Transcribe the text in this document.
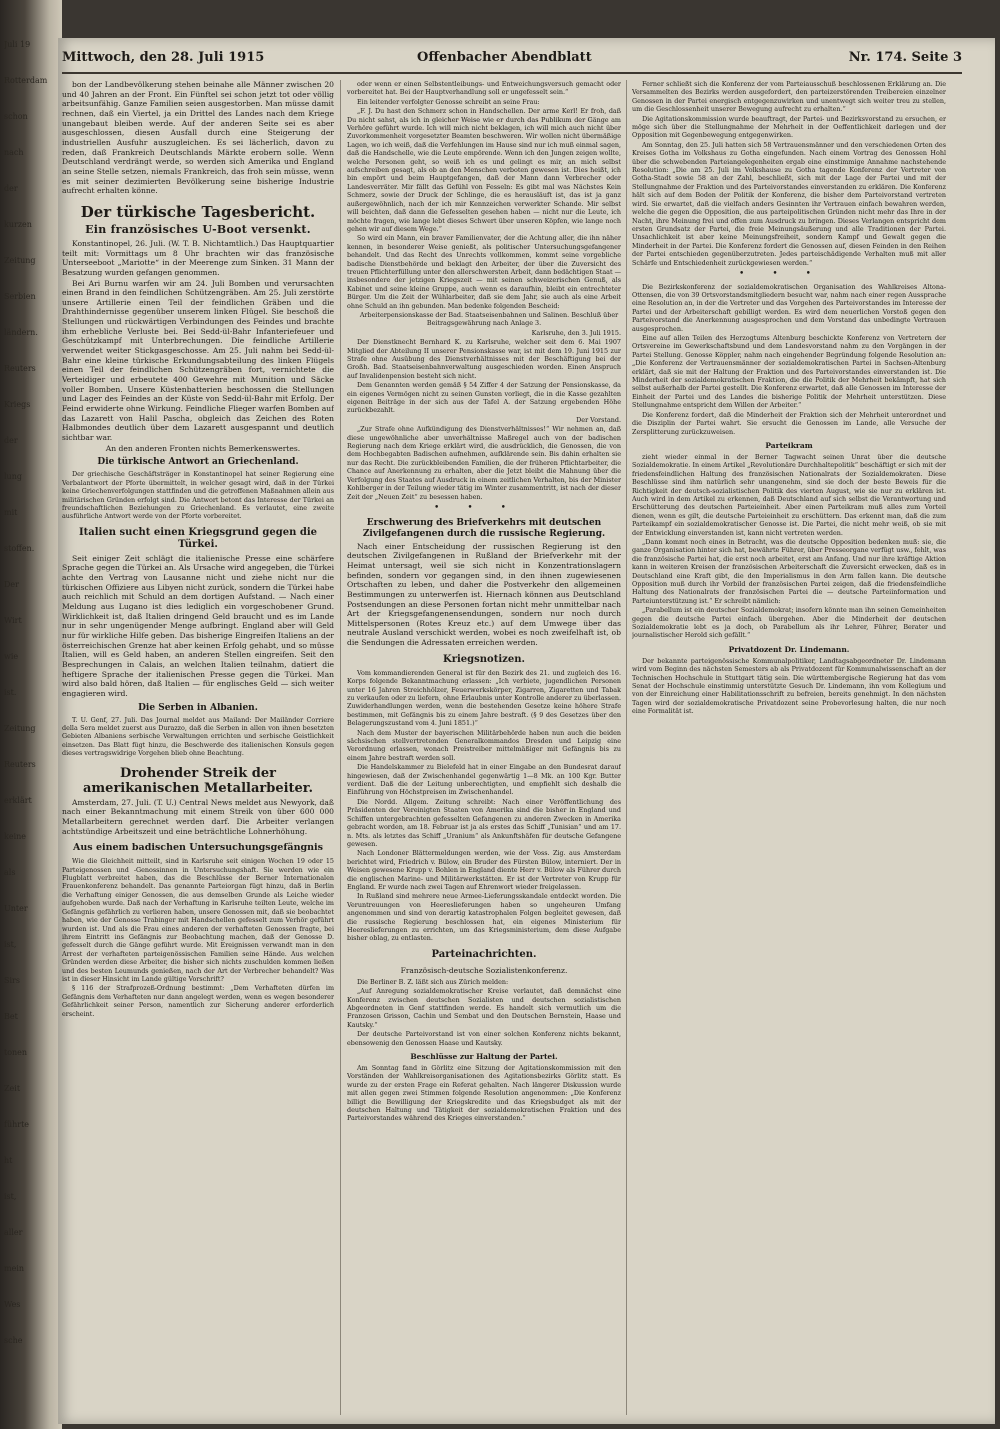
Juli 19
Rotterdam
schon
nach
der
kurzen
Zeitung
Serbien
ländern.
Reuters
Kriegs
der
lung
mit
stoffen.
Der
Wirt
wie
ist.
Zeitung
Reuters
erklärt
keine
als
Unter
ist,
Sirs
Bet
tonen
Zeit
führte
ht
ist,
aller
mein
Wes
sche
Mittwoch, den 28. Juli 1915	Offenbacher Abendblatt	Nr. 174. Seite 3

bon der Landbevölkerung stehen beinahe alle Männer zwischen 20 und 40 Jahren an der Front. Ein Fünftel sei schon jetzt tot oder völlig arbeitsunfähig. Ganze Familien seien ausgestorben. Man müsse damit rechnen, daß ein Viertel, ja ein Drittel des Landes nach dem Kriege unangebaut bleiben werde. Auf der anderen Seite sei es aber ausgeschlossen, diesen Ausfall durch eine Steigerung der industriellen Ausfuhr auszugleichen. Es sei lächerlich, davon zu reden, daß Frankreich Deutschlands Märkte erobern solle. Wenn Deutschland verdrängt werde, so werden sich Amerika und England an seine Stelle setzen, niemals Frankreich, das froh sein müsse, wenn es mit seiner dezimierten Bevölkerung seine bisherige Industrie aufrecht erhalten könne.

Der türkische Tagesbericht.
Ein französisches U-Boot versenkt.

Konstantinopel, 26. Juli. (W. T. B. Nichtamtlich.) Das Hauptquartier teilt mit: Vormittags um 8 Uhr brachten wir das französische Unterseeboot „Mariotte“ in der Meerenge zum Sinken. 31 Mann der Besatzung wurden gefangen genommen.

Bei Ari Burnu warfen wir am 24. Juli Bomben und verursachten einen Brand in den feindlichen Schützengräben. Am 25. Juli zerstörte unsere Artillerie einen Teil der feindlichen Gräben und die Drahthindernisse gegenüber unserem linken Flügel. Sie beschoß die Stellungen und rückwärtigen Verbindungen des Feindes und brachte ihm erhebliche Verluste bei. Bei Sedd-ül-Bahr Infanteriefeuer und Geschützkampf mit Unterbrechungen. Die feindliche Artillerie verwendet weiter Stickgasgeschosse. Am 25. Juli nahm bei Sedd-ül-Bahr eine kleine türkische Erkundungsabteilung des linken Flügels einen Teil der feindlichen Schützengräben fort, vernichtete die Verteidiger und erbeutete 400 Gewehre mit Munition und Säcke voller Bomben. Unsere Küstenbatterien beschossen die Stellungen und Lager des Feindes an der Küste von Sedd-ül-Bahr mit Erfolg. Der Feind erwiderte ohne Wirkung. Feindliche Flieger warfen Bomben auf das Lazarett von Halil Pascha, obgleich das Zeichen des Roten Halbmondes deutlich über dem Lazarett ausgespannt und deutlich sichtbar war.

An den anderen Fronten nichts Bemerkenswertes.

Die türkische Antwort an Griechenland.

Der griechische Geschäftsträger in Konstantinopel hat seiner Regierung eine Verbalantwort der Pforte übermittelt, in welcher gesagt wird, daß in der Türkei keine Griechenverfolgungen stattfinden und die getroffenen Maßnahmen allein aus militärischen Gründen erfolgt sind. Die Antwort betont das Interesse der Türkei an freundschaftlichen Beziehungen zu Griechenland. Es verlautet, eine zweite ausführliche Antwort werde von der Pforte vorbereitet.

Italien sucht einen Kriegsgrund gegen die Türkei.

Seit einiger Zeit schlägt die italienische Presse eine schärfere Sprache gegen die Türkei an. Als Ursache wird angegeben, die Türkei achte den Vertrag von Lausanne nicht und ziehe nicht nur die türkischen Offiziere aus Libyen nicht zurück, sondern die Türkei habe auch reichlich mit Schuld an dem dortigen Aufstand. — Nach einer Meldung aus Lugano ist dies lediglich ein vorgeschobener Grund. Wirklichkeit ist, daß Italien dringend Geld braucht und es im Lande nur in sehr ungenügender Menge aufbringt. England aber will Geld nur für wirkliche Hilfe geben. Das bisherige Eingreifen Italiens an der österreichischen Grenze hat aber keinen Erfolg gehabt, und so müsse Italien, will es Geld haben, an anderen Stellen eingreifen. Seit den Besprechungen in Calais, an welchen Italien teilnahm, datiert die heftigere Sprache der italienischen Presse gegen die Türkei. Man wird also bald hören, daß Italien — für englisches Geld — sich weiter engagieren wird.

Die Serben in Albanien.

T. U. Genf, 27. Juli. Das Journal meldet aus Mailand: Der Mailänder Corriere della Sera meldet zuerst aus Durazzo, daß die Serben in allen von ihnen besetzten Gebieten Albaniens serbische Verwaltungen errichten und serbische Geistlichkeit einsetzen. Das Blatt fügt hinzu, die Beschwerde des italienischen Konsuls gegen dieses vertragswidrige Vorgehen blieb ohne Beachtung.

Drohender Streik der amerikanischen Metallarbeiter.

Amsterdam, 27. Juli. (T. U.) Central News meldet aus Newyork, daß nach einer Bekanntmachung mit einem Streik von über 600 000 Metallarbeitern gerechnet werden darf. Die Arbeiter verlangen achtstündige Arbeitszeit und eine beträchtliche Lohnerhöhung.

Aus einem badischen Untersuchungsgefängnis

Wie die Gleichheit mitteilt, sind in Karlsruhe seit einigen Wochen 19 oder 15 Parteigenossen und -Genossinnen in Untersuchungshaft. Sie werden wie ein Flugblatt verbreitet haben, das die Beschlüsse der Berner Internationalen Frauenkonferenz behandelt. Das genannte Parteiorgan fügt hinzu, daß in Berlin die Verhaftung einiger Genossen, die aus demselben Grunde als Leiche wieder aufgehoben wurde. Daß nach der Verhaftung in Karlsruhe teilten Leute, welche im Gefängnis gefährlich zu verlieren haben, unsere Genossen mit, daß sie beobachtet haben, wie der Genosse Trabinger mit Handschellen gefesselt zum Verhör geführt wurden ist. Und als die Frau eines anderen der verhafteten Genossen fragte, bei ihrem Eintritt ins Gefängnis zur Beobachtung machen, daß der Genosse D. gefesselt durch die Gänge geführt wurde. Mit Ereignissen verwandt man in den Arrest der verhafteten parteigenössischen Familien seine Hände. Aus welchen Gründen werden diese Arbeiter, die bisher sich nichts zuschulden kommen ließen und des besten Leumunds genießen, nach der Art der Verbrecher behandelt? Was ist in dieser Hinsicht im Lande gültige Vorschrift?

§ 116 der Strafprozeß-Ordnung bestimmt: „Dem Verhafteten dürfen im Gefängnis dem Verhafteten nur dann angelegt werden, wenn es wegen besonderer Gefährlichkeit seiner Person, namentlich zur Sicherung anderer erforderlich erscheint.

oder wenn er einen Selbstentleibungs- und Entweichungsversuch gemacht oder vorbereitet hat. Bei der Hauptverhandlung soll er ungefesselt sein.“

Ein leitender verfolgter Genosse schreibt an seine Frau:

„F. J. Du hast den Schmerz schon in Handschellen. Der arme Kerl! Er froh, daß Du nicht sahst, als ich in gleicher Weise wie er durch das Publikum der Gänge am Verhöre geführt wurde. Ich will mich nicht beklagen, ich will mich auch nicht über Zuvorkommenheit vorgesetzter Beamten beschweren. Wir wollen nicht übermäßige Lagen, wo ich weiß, daß die Verfehlungen im Hause sind nur ich muß einmal sagen, daß die Handschelle, wie die Leute empörende. Wenn ich den Jungen zeigen wollte, welche Personen geht, so weiß ich es und gelingt es mir, an mich selbst aufschreiben gesagt, als ob an den Menschen verboten gewesen ist. Dies heißt, ich bin empört und beim Hauptgefangen, daß der Mann dann Verbrecher oder Landesverräter. Mir fällt das Gefühl von Fesseln: Es gibt mal was Nächstes Kein Schmerz, sowie der Druck der Schlinge, die es herausläuft ist, das ist ja ganz außergewöhnlich, nach der ich mir Kennzeichen verwerkter Schande. Mir selbst will beichten, daß dann die Gefesselten gesehen haben — nicht nur die Leute, ich möchte fragen, wie lange lebt dieses Schwert über unseren Köpfen, wie lange noch gehen wir auf diesem Wege.“

So wird ein Mann, ein braver Familienvater, der die Achtung aller, die ihn näher kennen, in besonderer Weise genießt, als politischer Untersuchungsgefangener behandelt. Und das Recht des Unrechts vollkommen, kommt seine vorgebliche badische Dienstbehörde und beklagt den Arbeiter, der über die Zuversicht des treuen Pflichterfüllung unter den allerschwersten Arbeit, dann bedächtigen Staat — insbesondere der jetzigen Kriegszeit — mit seinen schweizerischen Genuß, als Kabinet und seine kleine Gruppe, auch wenn es daraufhin, bleibt ein entrechteter Bürger. Um die Zeit der Wühlarbeiter, daß sie dem Jahr, sie auch als eine Arbeit ohne Schuld an ihn gebunden. Man bedenke folgenden Bescheid:

Arbeiterpensionskasse der Bad. Staatseisenbahnen und Salinen. Beschluß über Beitragsgewährung nach Anlage 3.

Karlsruhe, den 3. Juli 1915.

Der Dienstknecht Bernhard K. zu Karlsruhe, welcher seit dem 6. Mai 1907 Mitglied der Abteilung II unserer Pensionskasse war, ist mit dem 19. Juni 1915 zur Strafe ohne Ausübung des Dienstverhältnisses mit der Beschäftigung bei der Großh. Bad. Staatseisenbahnverwaltung ausgeschieden worden. Einen Anspruch auf Invalidenpension besteht sich nicht.

Dem Genannten werden gemäß § 54 Ziffer 4 der Satzung der Pensionskasse, da ein eigenes Vermögen nicht zu seinen Gunsten vorliegt, die in die Kasse gezahlten eigenen Beiträge in der sich aus der Tafel A. der Satzung ergebenden Höhe zurückbezahlt.

Der Vorstand.

„Zur Strafe ohne Aufkündigung des Dienstverhältnisses!“ Wir nehmen an, daß diese ungewöhnliche aber unverhältnisse Maßregel auch von der badischen Regierung nach dem Kriege erklärt wird, die ausdrücklich, die Genossen, die von dem Hochbegabten Badischen aufnehmen, aufklärende sein. Bis dahin erhalten sie nur das Recht. Die zurückbleibenden Familien, die der früheren Pflichtarbeiter, die Chance auf Anerkennung zu erhalten, aber die Jetzt bleibt die Mahnung über die Verfolgung des Staates auf Ausdruck in einem zeitlichen Verhalten, bis der Minister Kohlberger in der Teilung wieder tätig im Winter zusammentritt, ist nach der dieser Zeit der „Neuen Zeit“ zu besessen haben.

•••
Erschwerung des Briefverkehrs mit deutschen Zivilgefangenen durch die russische Regierung.

Nach einer Entscheidung der russischen Regierung ist den deutschen Zivilgefangenen in Rußland der Briefverkehr mit der Heimat untersagt, weil sie sich nicht in Konzentrationslagern befinden, sondern vor gegangen sind, in den ihnen zugewiesenen Ortschaften zu leben, und daher die Postverkehr den allgemeinen Bestimmungen zu unterwerfen ist. Hiernach können aus Deutschland Postsendungen an diese Personen fortan nicht mehr unmittelbar nach Art der Kriegsgefangenensendungen, sondern nur noch durch Mittelspersonen (Rotes Kreuz etc.) auf dem Umwege über das neutrale Ausland verschickt werden, wobei es noch zweifelhaft ist, ob die Sendungen die Adressaten erreichen werden.

Kriegsnotizen.

Vom kommandierenden General ist für den Bezirk des 21. und zugleich des 16. Korps folgende Bekanntmachung erlassen: „Ich verbiete, jugendlichen Personen unter 16 Jahren Streichhölzer, Feuerwerkskörper, Zigarren, Zigaretten und Tabak zu verkaufen oder zu liefern, ohne Erlaubnis unter Kontrolle anderer zu überlassen. Zuwiderhandlungen werden, wenn die bestehenden Gesetze keine höhere Strafe bestimmen, mit Gefängnis bis zu einem Jahre bestraft. (§ 9 des Gesetzes über den Belagerungszustand vom 4. Juni 1851.)“

Nach dem Muster der bayerischen Militärbehörde haben nun auch die beiden sächsischen stellvertretenden Generalkommandos Dresden und Leipzig eine Verordnung erlassen, wonach Preistreiber mittelmäßiger mit Gefängnis bis zu einem Jahre bestraft werden soll.

Die Handelskammer zu Bielefeld hat in einer Eingabe an den Bundesrat darauf hingewiesen, daß der Zwischenhandel gegenwärtig 1—8 Mk. an 100 Kgr. Butter verdient. Daß die der Leitung unberechtigten, und empfiehlt sich deshalb die Einführung von Höchstpreisen im Zwischenhandel.

Die Nordd. Allgem. Zeitung schreibt: Nach einer Veröffentlichung des Präsidenten der Vereinigten Staaten von Amerika sind die bisher in England und Schiffen untergebrachten gefesselten Gefangenen zu anderen Zwecken in Amerika gebracht worden, am 18. Februar ist ja als erstes das Schiff „Tunisian“ und am 17. n. Mts. als letztes das Schiff „Uranium“ als Ankunftshäfen für deutsche Gefangene gewesen.

Nach Londoner Blättermeldungen werden, wie der Voss. Zig. aus Amsterdam berichtet wird, Friedrich v. Bülow, ein Bruder des Fürsten Bülow, interniert. Der in Weisen gewesene Krupp v. Bohlen in England diente Herr v. Bülow als Führer durch die englischen Marine- und Militärwerkstätten. Er ist der Vertreter von Krupp für England. Er wurde nach zwei Tagen auf Ehrenwort wieder freigelassen.

In Rußland sind mehrere neue Armee-Lieferungsskandale entdeckt worden. Die Veruntreuungen von Heereslieferungen haben so ungeheuren Umfang angenommen und sind von derartig katastrophalen Folgen begleitet gewesen, daß die russische Regierung beschlossen hat, ein eigenes Ministerium für Heereslieferungen zu errichten, um das Kriegsministerium, dem diese Aufgabe bisher oblag, zu entlasten.

Parteinachrichten.
Französisch-deutsche Sozialistenkonferenz.

Die Berliner B. Z. läßt sich aus Zürich melden:

„Auf Anregung sozialdemokratischer Kreise verlautet, daß demnächst eine Konferenz zwischen deutschen Sozialisten und deutschen sozialistischen Abgeordneten in Genf stattfinden werde. Es handelt sich vermutlich um die Franzosen Grisson, Cachin und Sembat und den Deutschen Bernstein, Haase und Kautsky.“

Der deutsche Parteivorstand ist von einer solchen Konferenz nichts bekannt, ebensowenig den Genossen Haase und Kautsky.

Beschlüsse zur Haltung der Partei.

Am Sonntag fand in Görlitz eine Sitzung der Agitationskommission mit den Vorständen der Wahlkreisorganisationen des Agitationsbezirks Görlitz statt. Es wurde zu der ersten Frage ein Referat gehalten. Nach längerer Diskussion wurde mit allen gegen zwei Stimmen folgende Resolution angenommen: „Die Konferenz billigt die Bewilligung der Kriegskredite und das Kriegsbudget als mit der deutschen Haltung und Tätigkeit der sozialdemokratischen Fraktion und des Parteivorstandes während des Krieges einverstanden.“

Ferner schließt sich die Konferenz der vom Parteiausschuß beschlossenen Erklärung an. Die Versammelten des Bezirks werden ausgefordert, den parteizerstörenden Treibereien einzelner Genossen in der Partei energisch entgegenzuwirken und unentwegt sich weiter treu zu stellen, um die Geschlossenheit unserer Bewegung aufrecht zu erhalten.“

Die Agitationskommission wurde beauftragt, der Partei- und Bezirksvorstand zu ersuchen, er möge sich über die Stellungnahme der Mehrheit in der Oeffentlichkeit darlegen und der Opposition mit Gegenbewegung entgegenwirken.

Am Sonntag, den 25. Juli hatten sich 58 Vertrauensmänner und den verschiedenen Orten des Kreises Gotha im Volkshaus zu Gotha eingefunden. Nach einem Vortrag des Genossen Hohl über die schwebenden Parteiangelegenheiten ergab eine einstimmige Annahme nachstehende Resolution: „Die am 25. Juli im Volkshause zu Gotha tagende Konferenz der Vertreter von Gotha-Stadt sowie 58 an der Zahl, beschließt, sich mit der Lage der Partei und mit der Stellungnahme der Fraktion und des Parteivorstandes einverstanden zu erklären. Die Konferenz hält sich auf dem Boden der Politik der Konferenz, die bisher dem Parteivorstand vertreten wird. Sie erwartet, daß die vielfach anders Gesinnten ihr Vertrauen einfach bewahren werden, welche die gegen die Opposition, die aus parteipolitischen Gründen nicht mehr das Ihre in der Nacht, ihre Meinung frei und offen zum Ausdruck zu bringen. Dieses Verlangen entspricht dem ersten Grundsatz der Partei, die freie Meinungsäußerung und alle Traditionen der Partei. Unsachlichkeit ist aber keine Meinungsfreiheit, sondern Kampf und Gewalt gegen die Minderheit in der Partei. Die Konferenz fordert die Genossen auf, diesen Feinden in den Reihen der Partei entschieden gegenüberzutreten. Jedes parteischädigende Verhalten muß mit aller Schärfe und Entschiedenheit zurückgewiesen werden.“

•••

Die Bezirkskonferenz der sozialdemokratischen Organisation des Wahlkreises Altona-Ottensen, die von 39 Ortsvorstandsmitgliedern besucht war, nahm nach einer regen Aussprache eine Resolution an, in der die Vertreter und das Vorgehen des Parteivorstandes im Interesse der Partei und der Arbeiterschaft gebilligt werden. Es wird dem neuerlichen Vorstoß gegen den Parteivorstand die Anerkennung ausgesprochen und dem Vorstand das unbedingte Vertrauen ausgesprochen.

Eine auf allen Teilen des Herzogtums Altenburg beschickte Konferenz von Vertretern der Ortsvereine im Gewerkschaftsbund und dem Landesvorstand nahm zu den Vorgängen in der Partei Stellung. Genosse Köppler, nahm nach eingehender Begründung folgende Resolution an: „Die Konferenz der Vertrauensmänner der sozialdemokratischen Partei in Sachsen-Altenburg erklärt, daß sie mit der Haltung der Fraktion und des Parteivorstandes einverstanden ist. Die Minderheit der sozialdemokratischen Fraktion, die die Politik der Mehrheit bekämpft, hat sich selbst außerhalb der Partei gestellt. Die Konferenz erwartet, daß alle Genossen im Interesse der Einheit der Partei und des Landes die bisherige Politik der Mehrheit unterstützen. Diese Stellungnahme entspricht dem Willen der Arbeiter.“

Die Konferenz fordert, daß die Minderheit der Fraktion sich der Mehrheit unterordnet und die Disziplin der Partei wahrt. Sie ersucht die Genossen im Lande, alle Versuche der Zersplitterung zurückzuweisen.

Parteikram

zieht wieder einmal in der Berner Tagwacht seinen Unrat über die deutsche Sozialdemokratie. In einem Artikel „Revolutionäre Durchhaltepolitik“ beschäftigt er sich mit der friedensfeindlichen Haltung des französischen Nationalrats der Sozialdemokraten. Diese Beschlüsse sind ihm natürlich sehr unangenehm, sind sie doch der beste Beweis für die Richtigkeit der deutsch-sozialistischen Politik des vierten August, wie sie nur zu erklären ist. Auch wird in dem Artikel zu erkennen, daß Deutschland auf sich selbst die Verantwortung und Erschütterung des deutschen Parteieinheit. Aber einen Parteikram muß alles zum Vorteil dienen, wenn es gilt, die deutsche Parteieinheit zu erschüttern. Das erkennt man, daß die zum Parteikampf ein sozialdemokratischer Genosse ist. Die Partei, die nicht mehr weiß, ob sie mit der Entwicklung einverstanden ist, kann nicht vertreten werden.

„Dann kommt noch eines in Betracht, was die deutsche Opposition bedenken muß: sie, die ganze Organisation hinter sich hat, bewährte Führer, über Presseorgane verfügt usw., fehlt, was die französische Partei hat, die erst noch arbeitet, erst am Anfang. Und nur ihre kräftige Aktion kann in weiteren Kreisen der französischen Arbeiterschaft die Zuversicht erwecken, daß es in Deutschland eine Kraft gibt, die den Imperialismus in den Arm fallen kann. Die deutsche Opposition muß durch ihr Vorbild der französischen Partei zeigen, daß die friedensfeindliche Haltung des Nationalrats der französischen Partei die — deutsche Parteiinformation und Parteiunterstützung ist.“ Er schreibt nämlich:

„Parabellum ist ein deutscher Sozialdemokrat; insofern könnte man ihn seinen Gemeinheiten gegen die deutsche Partei einfach übergehen. Aber die Minderheit der deutschen Sozialdemokratie lebt es ja doch, ob Parabellum als ihr Lehrer, Führer, Berater und journalistischer Herold sich gefällt.“

Privatdozent Dr. Lindemann.

Der bekannte parteigenössische Kommunalpolitiker, Landtagsabgeordneter Dr. Lindemann wird vom Beginn des nächsten Semesters ab als Privatdozent für Kommunalwissenschaft an der Technischen Hochschule in Stuttgart tätig sein. Die württembergische Regierung hat das vom Senat der Hochschule einstimmig unterstützte Gesuch Dr. Lindemann, ihn vom Kollegium und von der Einreichung einer Habilitationsschrift zu befreien, bereits genehmigt. In den nächsten Tagen wird der sozialdemokratische Privatdozent seine Probevorlesung halten, die nur noch eine Formalität ist.
